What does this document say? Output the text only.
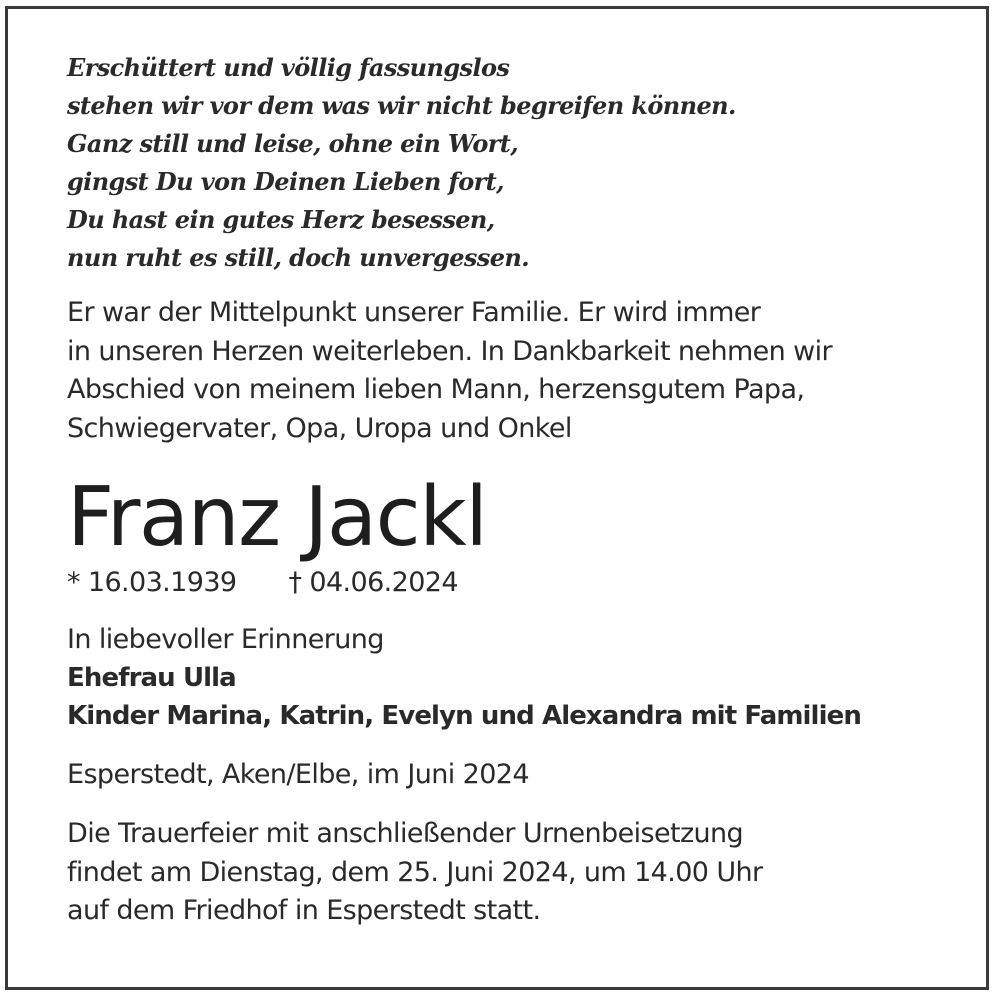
Erschüttert und völlig fassungslos
stehen wir vor dem was wir nicht begreifen können.
Ganz still und leise, ohne ein Wort,
gingst Du von Deinen Lieben fort,
Du hast ein gutes Herz besessen,
nun ruht es still, doch unvergessen.
Er war der Mittelpunkt unserer Familie. Er wird immer
in unseren Herzen weiterleben. In Dankbarkeit nehmen wir
Abschied von meinem lieben Mann, herzensgutem Papa,
Schwiegervater, Opa, Uropa und Onkel
Franz Jackl
* 16.03.1939 † 04.06.2024
In liebevoller Erinnerung
Ehefrau Ulla
Kinder Marina, Katrin, Evelyn und Alexandra mit Familien
Esperstedt, Aken/Elbe, im Juni 2024
Die Trauerfeier mit anschließender Urnenbeisetzung
findet am Dienstag, dem 25. Juni 2024, um 14.00 Uhr
auf dem Friedhof in Esperstedt statt.
